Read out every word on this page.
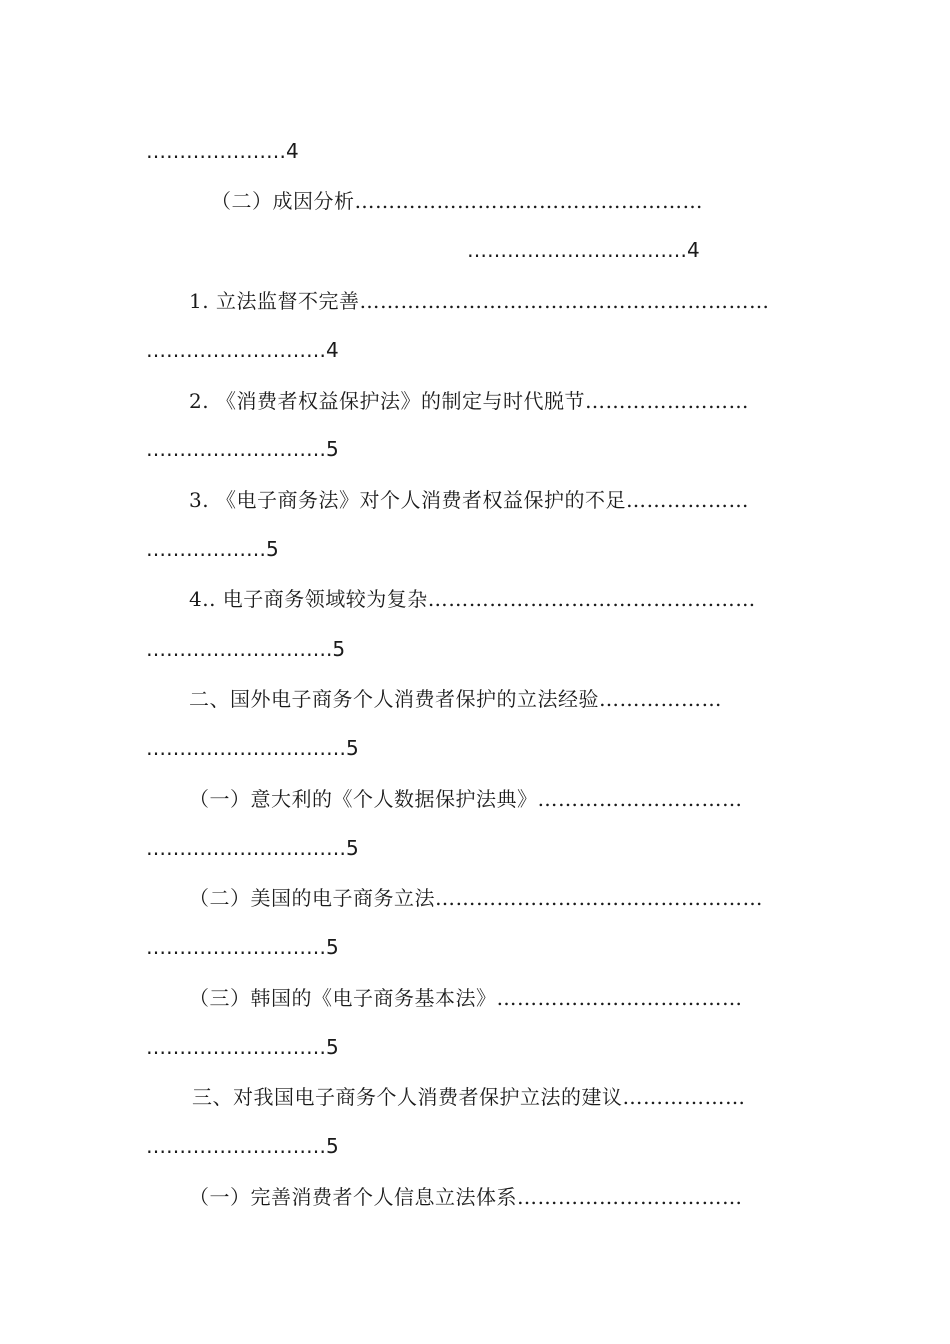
…………………4
（二）成因分析……………………………………………
……………………………4
1. 立法监督不完善……………………………………………………
………………………4
2. 《消费者权益保护法》的制定与时代脱节……………………
………………………5
3. 《电子商务法》对个人消费者权益保护的不足………………
………………5
4.. 电子商务领域较为复杂…………………………………………
……………………….5
二、国外电子商务个人消费者保护的立法经验………………
…………………………5
（一）意大利的《个人数据保护法典》…………………………
…………………………5
（二）美国的电子商务立法…………………………………………
………………………5
（三）韩国的《电子商务基本法》………………………………
………………………5
三、对我国电子商务个人消费者保护立法的建议………………
………………………5
（一）完善消费者个人信息立法体系……………………………
